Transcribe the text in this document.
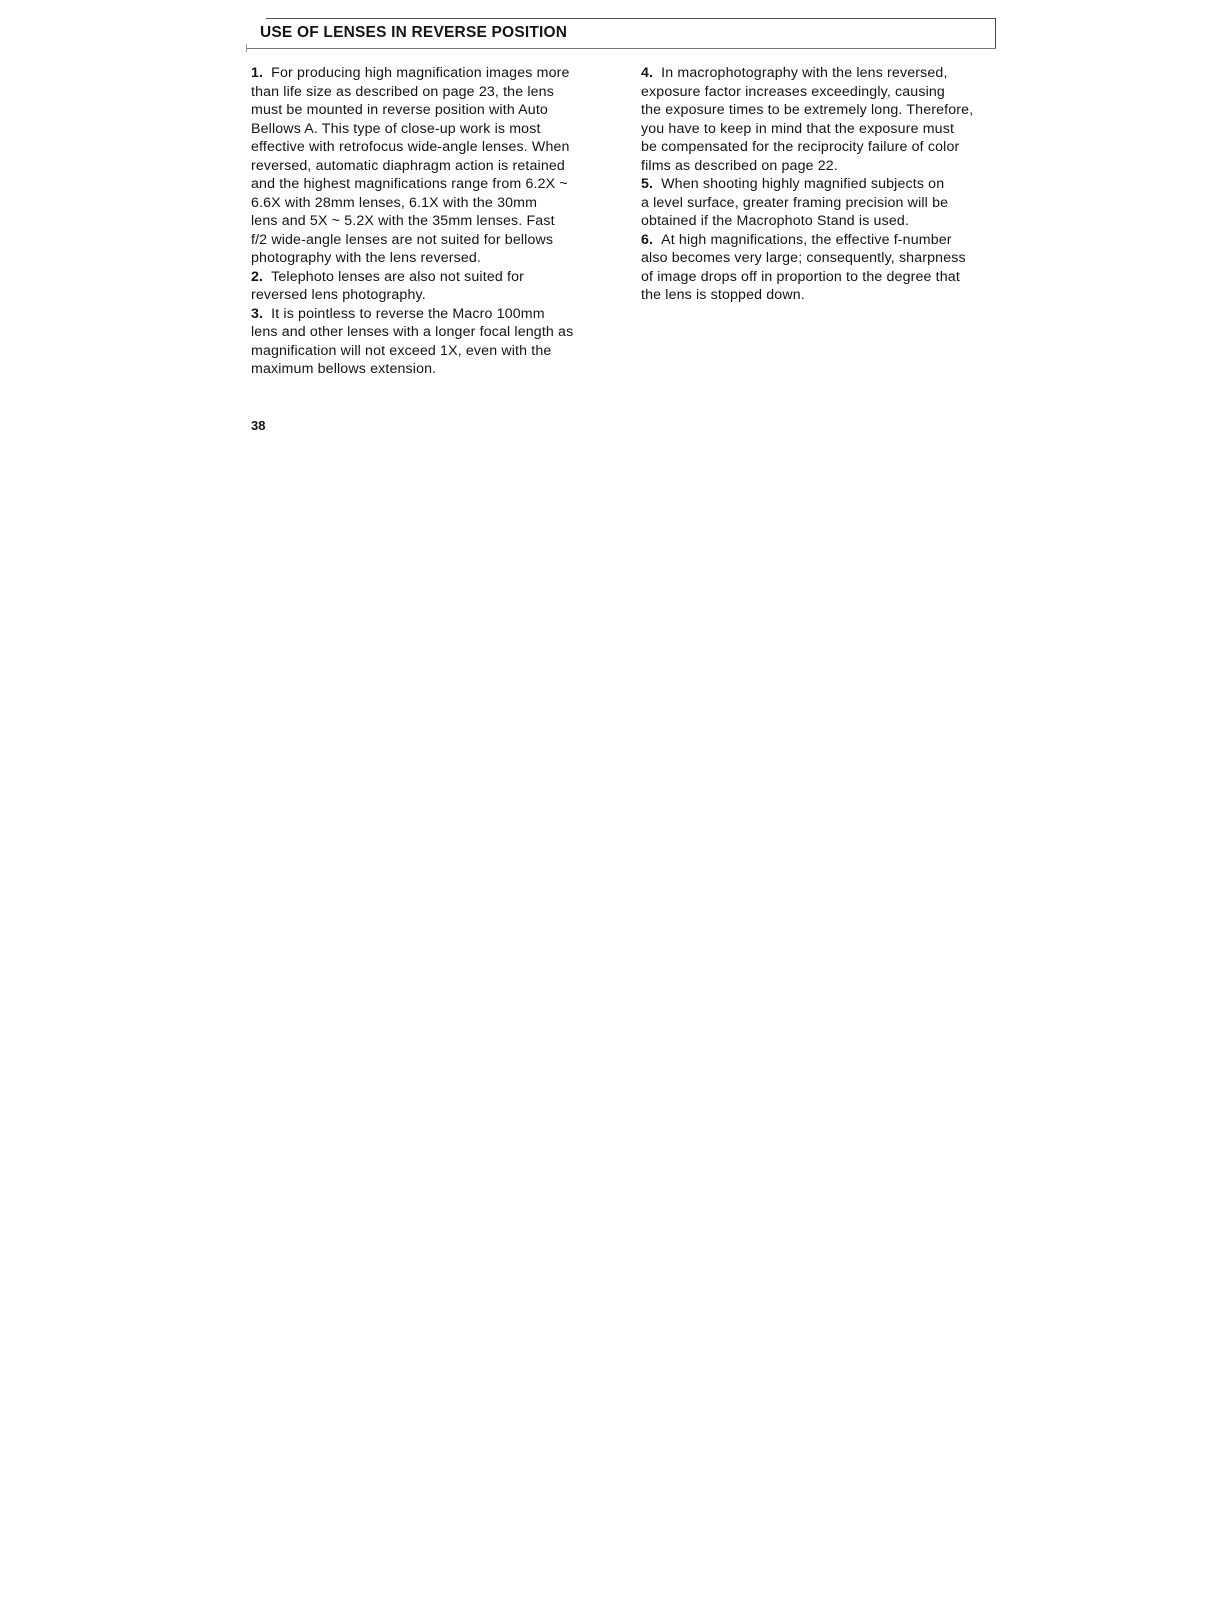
USE OF LENSES IN REVERSE POSITION

1. For producing high magnification images more
than life size as described on page 23, the lens
must be mounted in reverse position with Auto
Bellows A. This type of close-up work is most
effective with retrofocus wide-angle lenses. When
reversed, automatic diaphragm action is retained
and the highest magnifications range from 6.2X ~
6.6X with 28mm lenses, 6.1X with the 30mm
lens and 5X ~ 5.2X with the 35mm lenses. Fast
f/2 wide-angle lenses are not suited for bellows
photography with the lens reversed.

2. Telephoto lenses are also not suited for
reversed lens photography.

3. It is pointless to reverse the Macro 100mm
lens and other lenses with a longer focal length as
magnification will not exceed 1X, even with the
maximum bellows extension.

4. In macrophotography with the lens reversed,
exposure factor increases exceedingly, causing
the exposure times to be extremely long. Therefore,
you have to keep in mind that the exposure must
be compensated for the reciprocity failure of color
films as described on page 22.

5. When shooting highly magnified subjects on
a level surface, greater framing precision will be
obtained if the Macrophoto Stand is used.

6. At high magnifications, the effective f-number
also becomes very large; consequently, sharpness
of image drops off in proportion to the degree that
the lens is stopped down.

38
